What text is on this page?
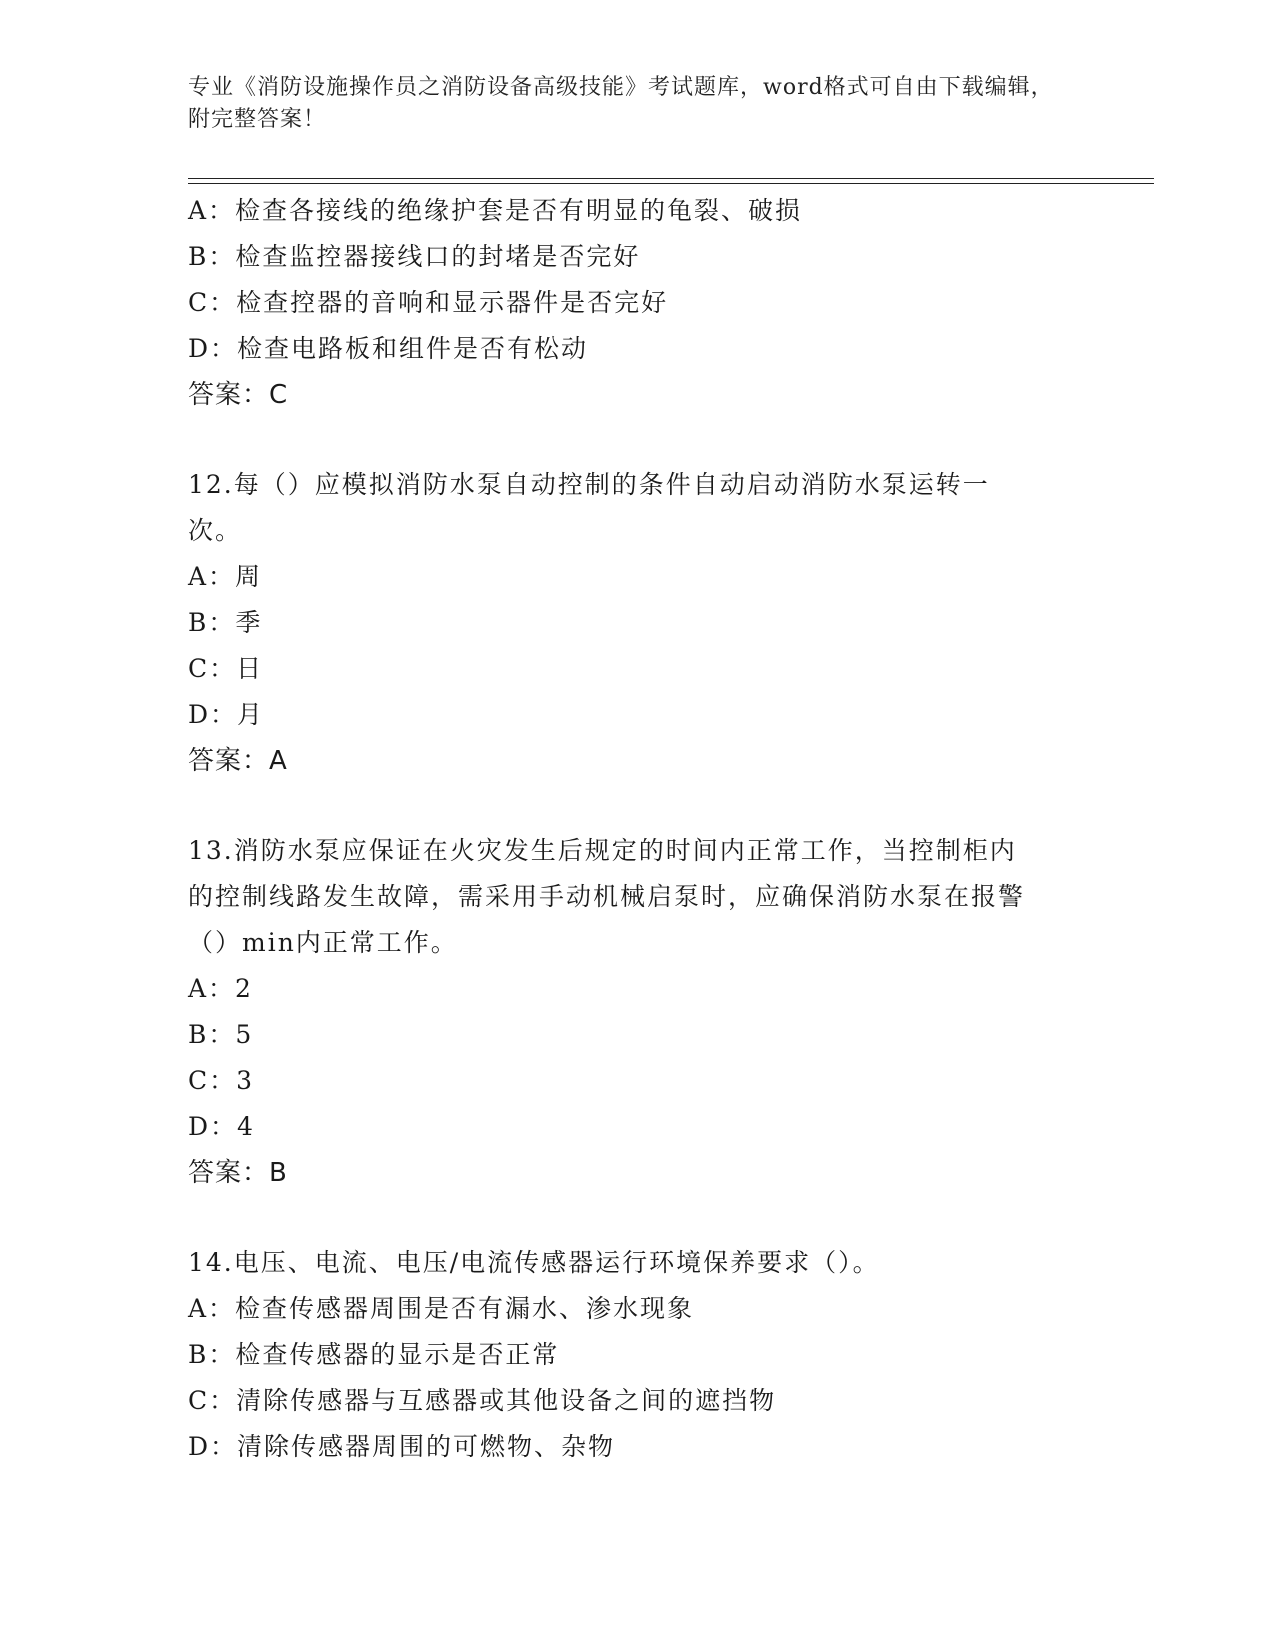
专业《消防设施操作员之消防设备高级技能》考试题库，word格式可自由下载编辑，附完整答案！
A：检查各接线的绝缘护套是否有明显的龟裂、破损
B：检查监控器接线口的封堵是否完好
C：检查控器的音响和显示器件是否完好
D：检查电路板和组件是否有松动
答案：C
12.每（）应模拟消防水泵自动控制的条件自动启动消防水泵运转一次。
A：周
B：季
C：日
D：月
答案：A
13.消防水泵应保证在火灾发生后规定的时间内正常工作，当控制柜内的控制线路发生故障，需采用手动机械启泵时，应确保消防水泵在报警（）min内正常工作。
A：2
B：5
C：3
D：4
答案：B
14.电压、电流、电压/电流传感器运行环境保养要求（）。
A：检查传感器周围是否有漏水、渗水现象
B：检查传感器的显示是否正常
C：清除传感器与互感器或其他设备之间的遮挡物
D：清除传感器周围的可燃物、杂物
